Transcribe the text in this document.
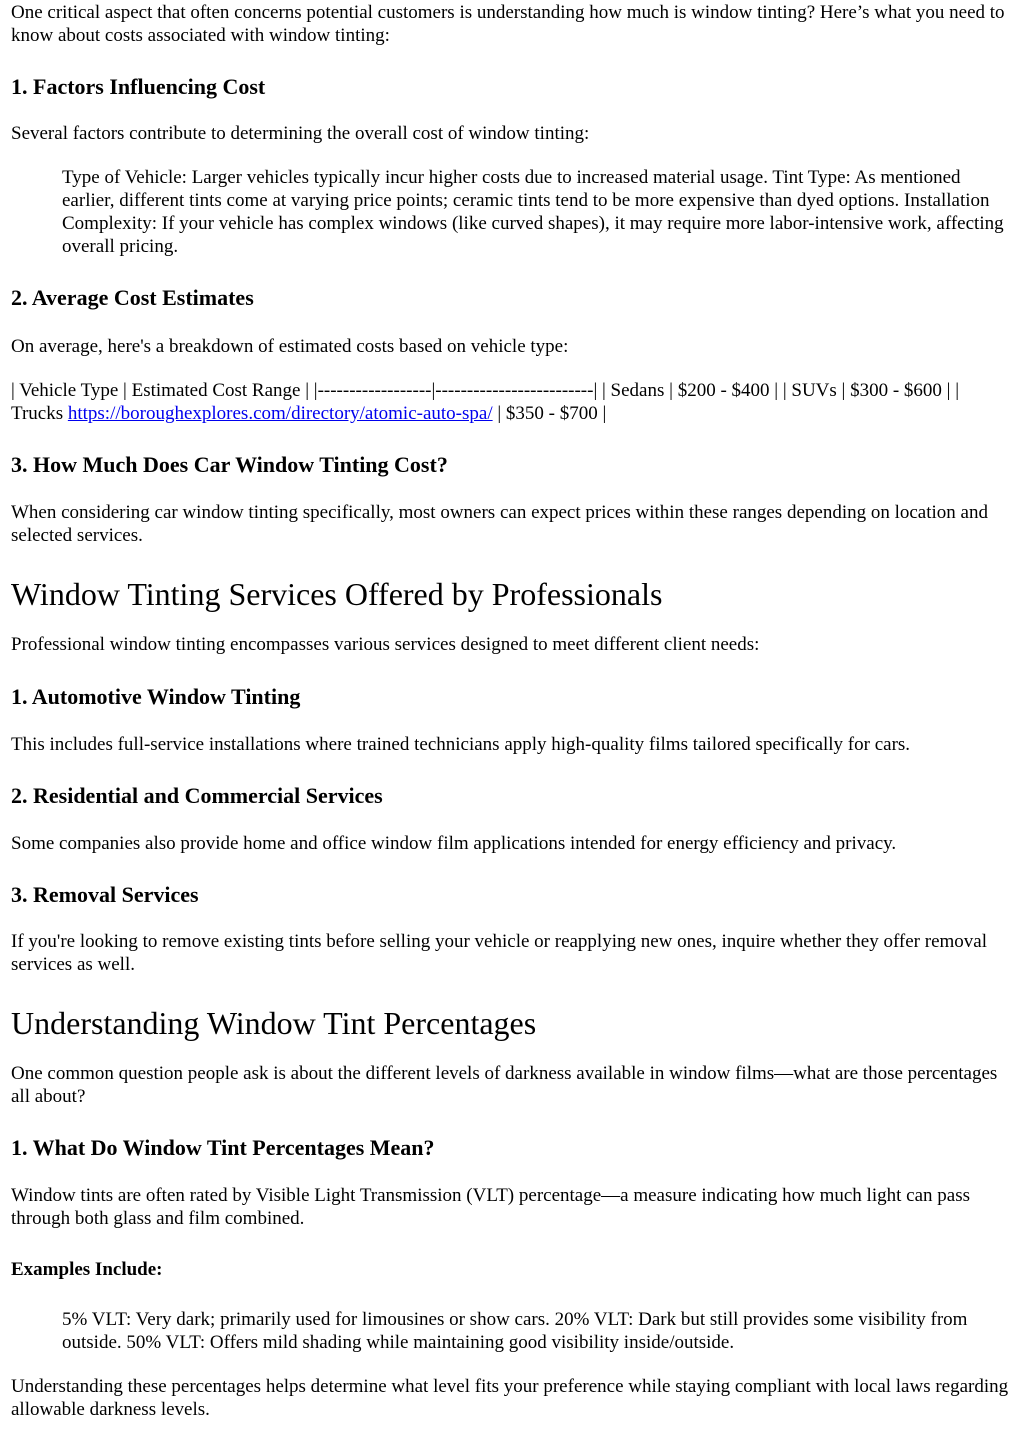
One critical aspect that often concerns potential customers is understanding how much is window tinting? Here’s what you need to know about costs associated with window tinting:

1. Factors Influencing Cost

Several factors contribute to determining the overall cost of window tinting:

Type of Vehicle: Larger vehicles typically incur higher costs due to increased material usage. Tint Type: As mentioned earlier, different tints come at varying price points; ceramic tints tend to be more expensive than dyed options. Installation Complexity: If your vehicle has complex windows (like curved shapes), it may require more labor-intensive work, affecting overall pricing.
2. Average Cost Estimates

On average, here's a breakdown of estimated costs based on vehicle type:

| Vehicle Type | Estimated Cost Range | |------------------|-------------------------| | Sedans | $200 - $400 | | SUVs | $300 - $600 | | Trucks https://boroughexplores.com/directory/atomic-auto-spa/ | $350 - $700 |

3. How Much Does Car Window Tinting Cost?

When considering car window tinting specifically, most owners can expect prices within these ranges depending on location and selected services.

Window Tinting Services Offered by Professionals

Professional window tinting encompasses various services designed to meet different client needs:

1. Automotive Window Tinting

This includes full-service installations where trained technicians apply high-quality films tailored specifically for cars.

2. Residential and Commercial Services

Some companies also provide home and office window film applications intended for energy efficiency and privacy.

3. Removal Services

If you're looking to remove existing tints before selling your vehicle or reapplying new ones, inquire whether they offer removal services as well.

Understanding Window Tint Percentages

One common question people ask is about the different levels of darkness available in window films—what are those percentages all about?

1. What Do Window Tint Percentages Mean?

Window tints are often rated by Visible Light Transmission (VLT) percentage—a measure indicating how much light can pass through both glass and film combined.

Examples Include:
5% VLT: Very dark; primarily used for limousines or show cars. 20% VLT: Dark but still provides some visibility from outside. 50% VLT: Offers mild shading while maintaining good visibility inside/outside.

Understanding these percentages helps determine what level fits your preference while staying compliant with local laws regarding allowable darkness levels.
